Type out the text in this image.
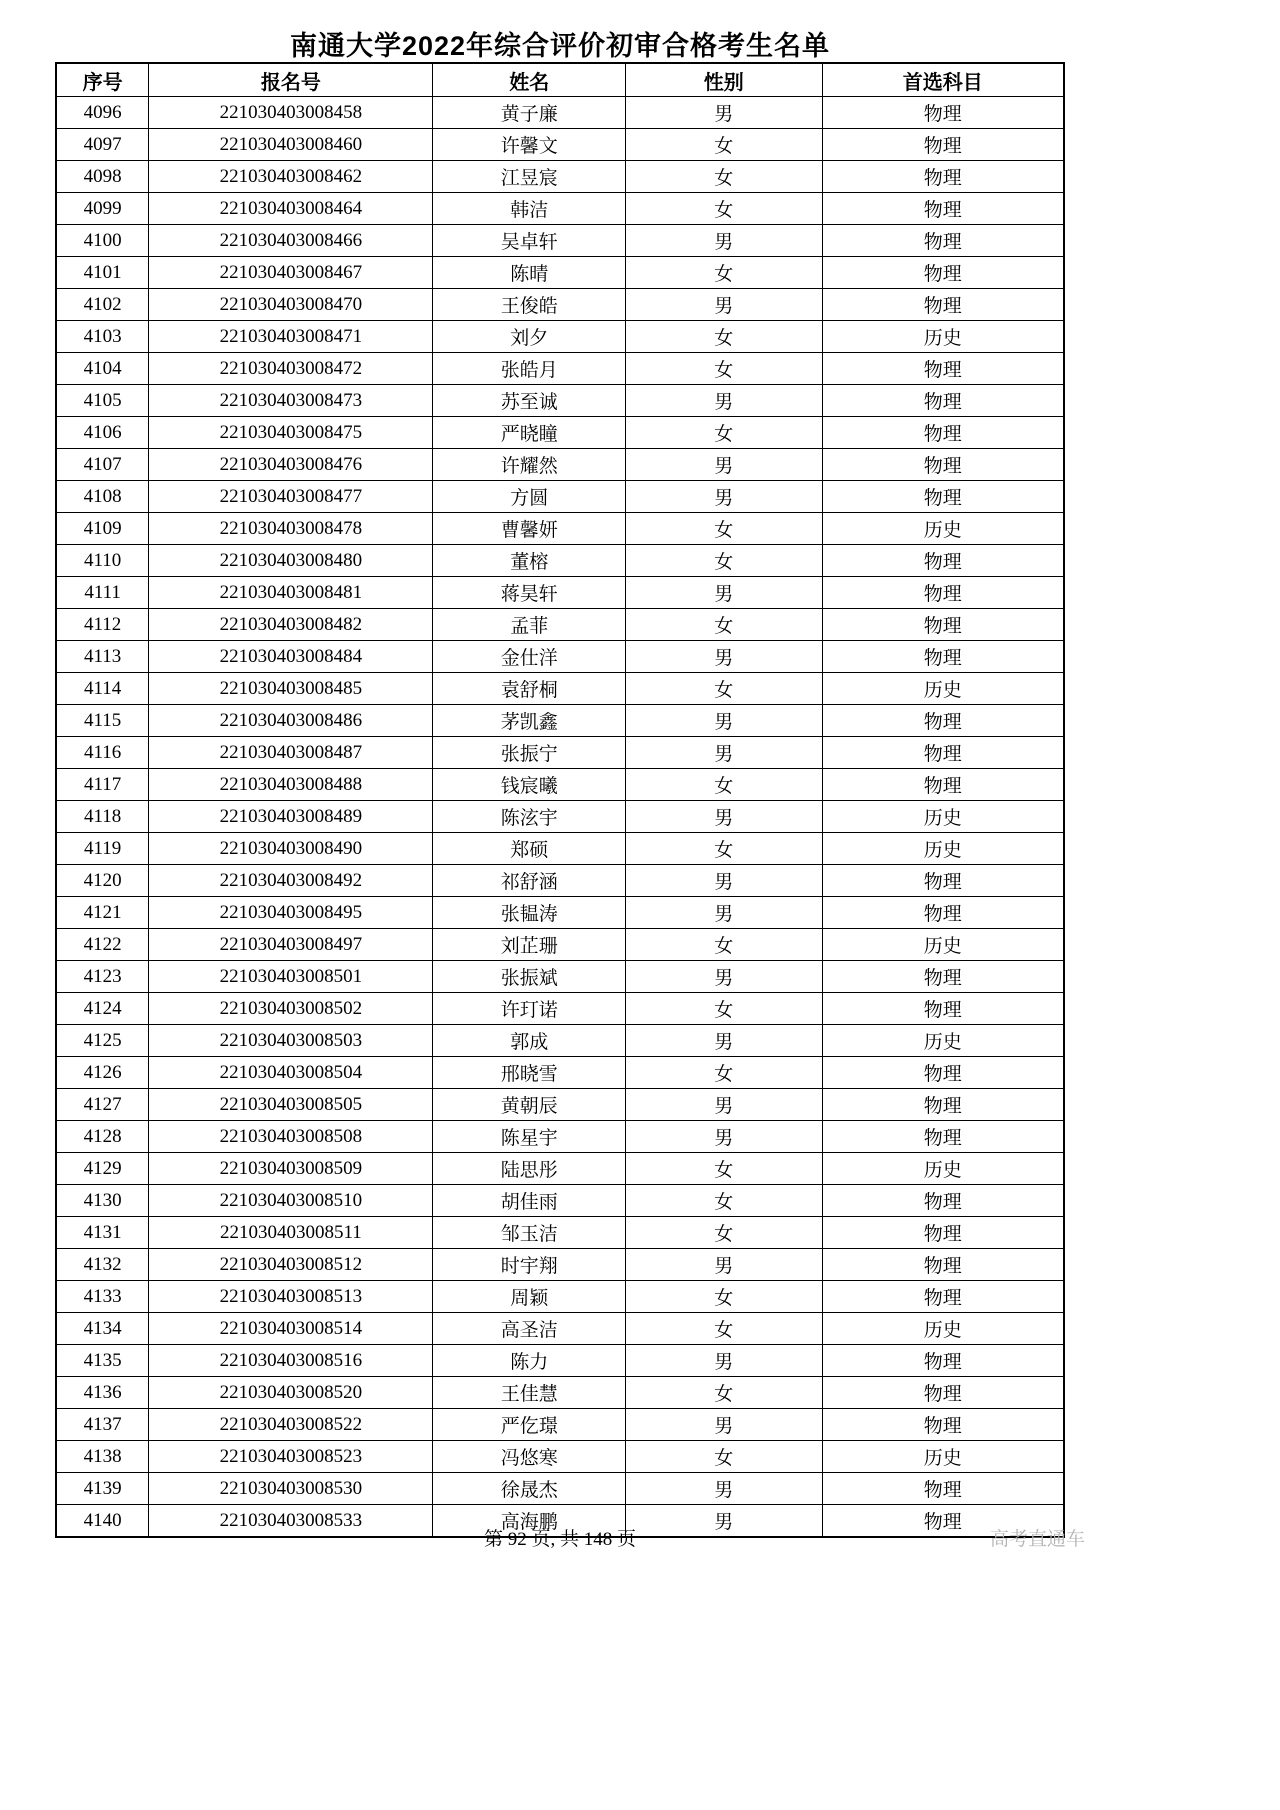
南通大学2022年综合评价初审合格考生名单
序号	报名号	姓名	性别	首选科目
4096	221030403008458	黄子廉	男	物理
4097	221030403008460	许馨文	女	物理
4098	221030403008462	江昱宸	女	物理
4099	221030403008464	韩洁	女	物理
4100	221030403008466	吴卓轩	男	物理
4101	221030403008467	陈晴	女	物理
4102	221030403008470	王俊皓	男	物理
4103	221030403008471	刘夕	女	历史
4104	221030403008472	张皓月	女	物理
4105	221030403008473	苏至诚	男	物理
4106	221030403008475	严晓瞳	女	物理
4107	221030403008476	许耀然	男	物理
4108	221030403008477	方圆	男	物理
4109	221030403008478	曹馨妍	女	历史
4110	221030403008480	董榕	女	物理
4111	221030403008481	蒋昊轩	男	物理
4112	221030403008482	孟菲	女	物理
4113	221030403008484	金仕洋	男	物理
4114	221030403008485	袁舒桐	女	历史
4115	221030403008486	茅凯鑫	男	物理
4116	221030403008487	张振宁	男	物理
4117	221030403008488	钱宸曦	女	物理
4118	221030403008489	陈泫宇	男	历史
4119	221030403008490	郑硕	女	历史
4120	221030403008492	祁舒涵	男	物理
4121	221030403008495	张韫涛	男	物理
4122	221030403008497	刘芷珊	女	历史
4123	221030403008501	张振斌	男	物理
4124	221030403008502	许玎诺	女	物理
4125	221030403008503	郭成	男	历史
4126	221030403008504	邢晓雪	女	物理
4127	221030403008505	黄朝辰	男	物理
4128	221030403008508	陈星宇	男	物理
4129	221030403008509	陆思彤	女	历史
4130	221030403008510	胡佳雨	女	物理
4131	221030403008511	邹玉洁	女	物理
4132	221030403008512	时宇翔	男	物理
4133	221030403008513	周颖	女	物理
4134	221030403008514	高圣洁	女	历史
4135	221030403008516	陈力	男	物理
4136	221030403008520	王佳慧	女	物理
4137	221030403008522	严仡璟	男	物理
4138	221030403008523	冯悠寒	女	历史
4139	221030403008530	徐晟杰	男	物理
4140	221030403008533	高海鹏	男	物理
第 92 页, 共 148 页	高考直通车
